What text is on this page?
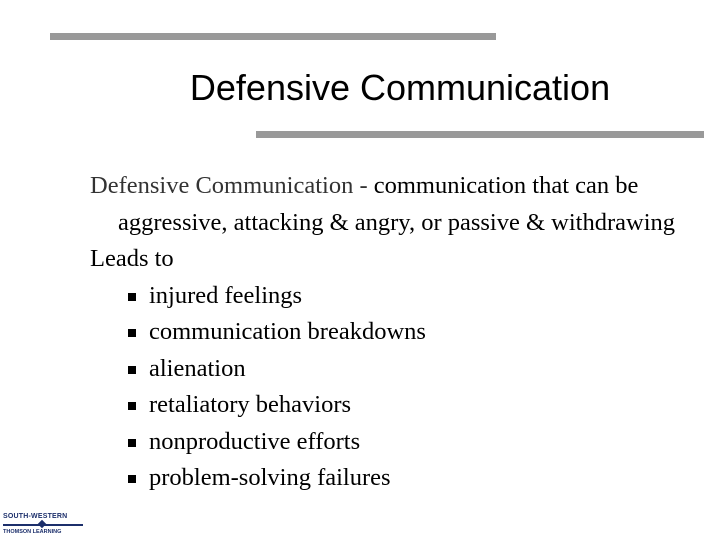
Defensive Communication
Defensive Communication - communication that can be aggressive, attacking & angry, or passive & withdrawing
Leads to
injured feelings
communication breakdowns
alienation
retaliatory behaviors
nonproductive efforts
problem-solving failures
SOUTH-WESTERN
THOMSON LEARNING
